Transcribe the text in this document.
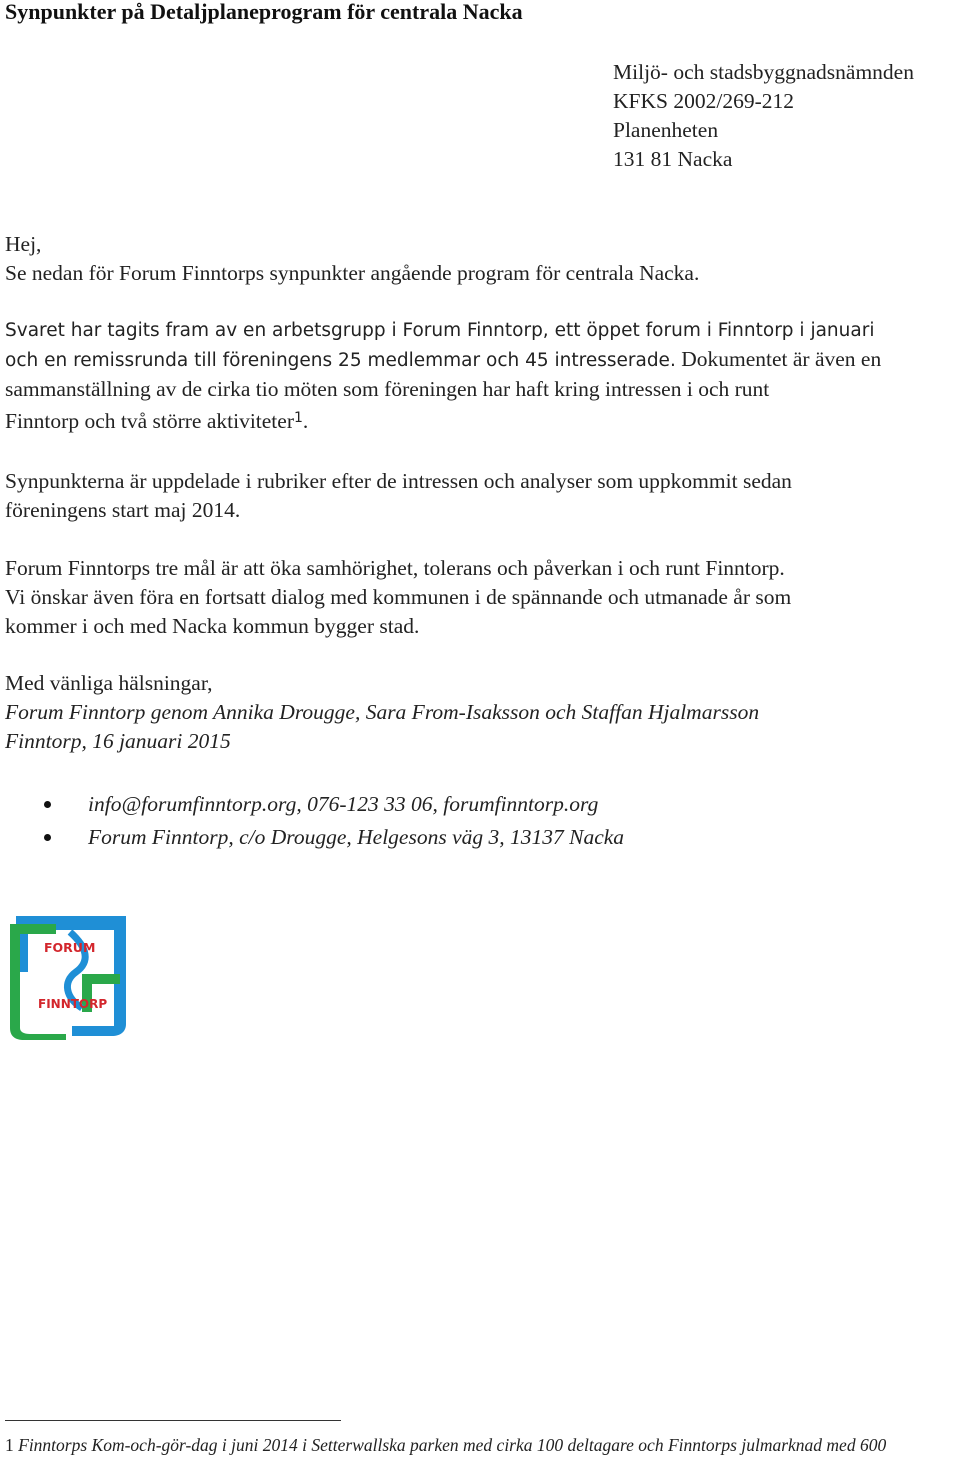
Synpunkter på Detaljplaneprogram för centrala Nacka
Miljö- och stadsbyggnadsnämnden
KFKS 2002/269-212
Planenheten
131 81 Nacka
Hej,
Se nedan för Forum Finntorps synpunkter angående program för centrala Nacka.
Svaret har tagits fram av en arbetsgrupp i Forum Finntorp, ett öppet forum i Finntorp i januari
och en remissrunda till föreningens 25 medlemmar och 45 intresserade. Dokumentet är även en
sammanställning av de cirka tio möten som föreningen har haft kring intressen i och runt
Finntorp och två större aktiviteter$^1$.
Synpunkterna är uppdelade i rubriker efter de intressen och analyser som uppkommit sedan
föreningens start maj 2014.
Forum Finntorps tre mål är att öka samhörighet, tolerans och påverkan i och runt Finntorp.
Vi önskar även föra en fortsatt dialog med kommunen i de spännande och utmanade år som
kommer i och med Nacka kommun bygger stad.
Med vänliga hälsningar,
Forum Finntorp genom Annika Drougge, Sara From-Isaksson och Staffan Hjalmarsson
Finntorp, 16 januari 2015
info@forumfinntorp.org, 076-123 33 06, forumfinntorp.org
Forum Finntorp, c/o Drougge, Helgesons väg 3, 13137 Nacka
FORUM
FINNTORP
1 Finntorps Kom-och-gör-dag i juni 2014 i Setterwallska parken med cirka 100 deltagare och Finntorps julmarknad med 600
